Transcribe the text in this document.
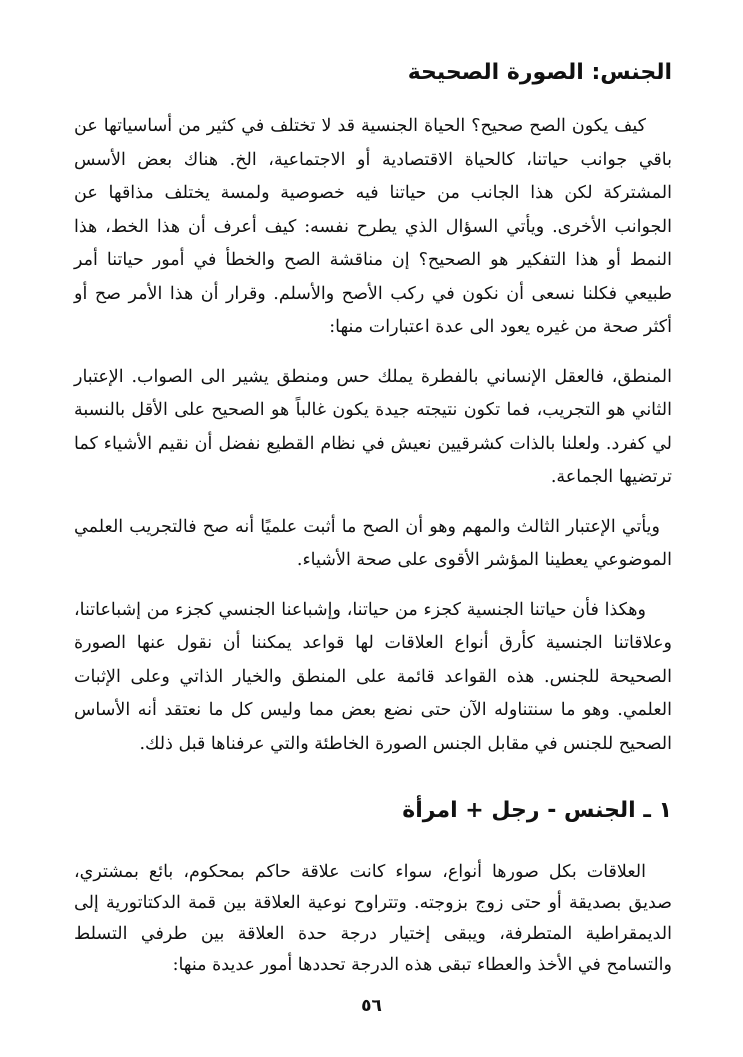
الجنس: الصورة الصحيحة

كيف يكون الصح صحيح؟ الحياة الجنسية قد لا تختلف في كثير من أساسياتها عن باقي جوانب حياتنا، كالحياة الاقتصادية أو الاجتماعية، الخ. هناك بعض الأسس المشتركة لكن هذا الجانب من حياتنا فيه خصوصية ولمسة يختلف مذاقها عن الجوانب الأخرى. ويأتي السؤال الذي يطرح نفسه: كيف أعرف أن هذا الخط، هذا النمط أو هذا التفكير هو الصحيح؟ إن مناقشة الصح والخطأ في أمور حياتنا أمر طبيعي فكلنا نسعى أن نكون في ركب الأصح والأسلم. وقرار أن هذا الأمر صح أو أكثر صحة من غيره يعود الى عدة اعتبارات منها:

المنطق، فالعقل الإنساني بالفطرة يملك حس ومنطق يشير الى الصواب. الإعتبار الثاني هو التجريب، فما تكون نتيجته جيدة يكون غالباً هو الصحيح على الأقل بالنسبة لي كفرد. ولعلنا بالذات كشرقيين نعيش في نظام القطيع نفضل أن نقيم الأشياء كما ترتضيها الجماعة.

ويأتي الإعتبار الثالث والمهم وهو أن الصح ما أثبت علميًا أنه صح فالتجريب العلمي الموضوعي يعطينا المؤشر الأقوى على صحة الأشياء.

وهكذا فأن حياتنا الجنسية كجزء من حياتنا، وإشباعنا الجنسي كجزء من إشباعاتنا، وعلاقاتنا الجنسية كأرق أنواع العلاقات لها قواعد يمكننا أن نقول عنها الصورة الصحيحة للجنس. هذه القواعد قائمة على المنطق والخيار الذاتي وعلى الإثبات العلمي. وهو ما سنتناوله الآن حتى نضع بعض مما وليس كل ما نعتقد أنه الأساس الصحيح للجنس في مقابل الجنس الصورة الخاطئة والتي عرفناها قبل ذلك.

١ ـ الجنس - رجل + امرأة

العلاقات بكل صورها أنواع، سواء كانت علاقة حاكم بمحكوم، بائع بمشتري، صديق بصديقة أو حتى زوج بزوجته. وتتراوح نوعية العلاقة بين قمة الدكتاتورية إلى الديمقراطية المتطرفة، ويبقى إختيار درجة حدة العلاقة بين طرفي التسلط والتسامح في الأخذ والعطاء تبقى هذه الدرجة تحددها أمور عديدة منها:

٥٦
